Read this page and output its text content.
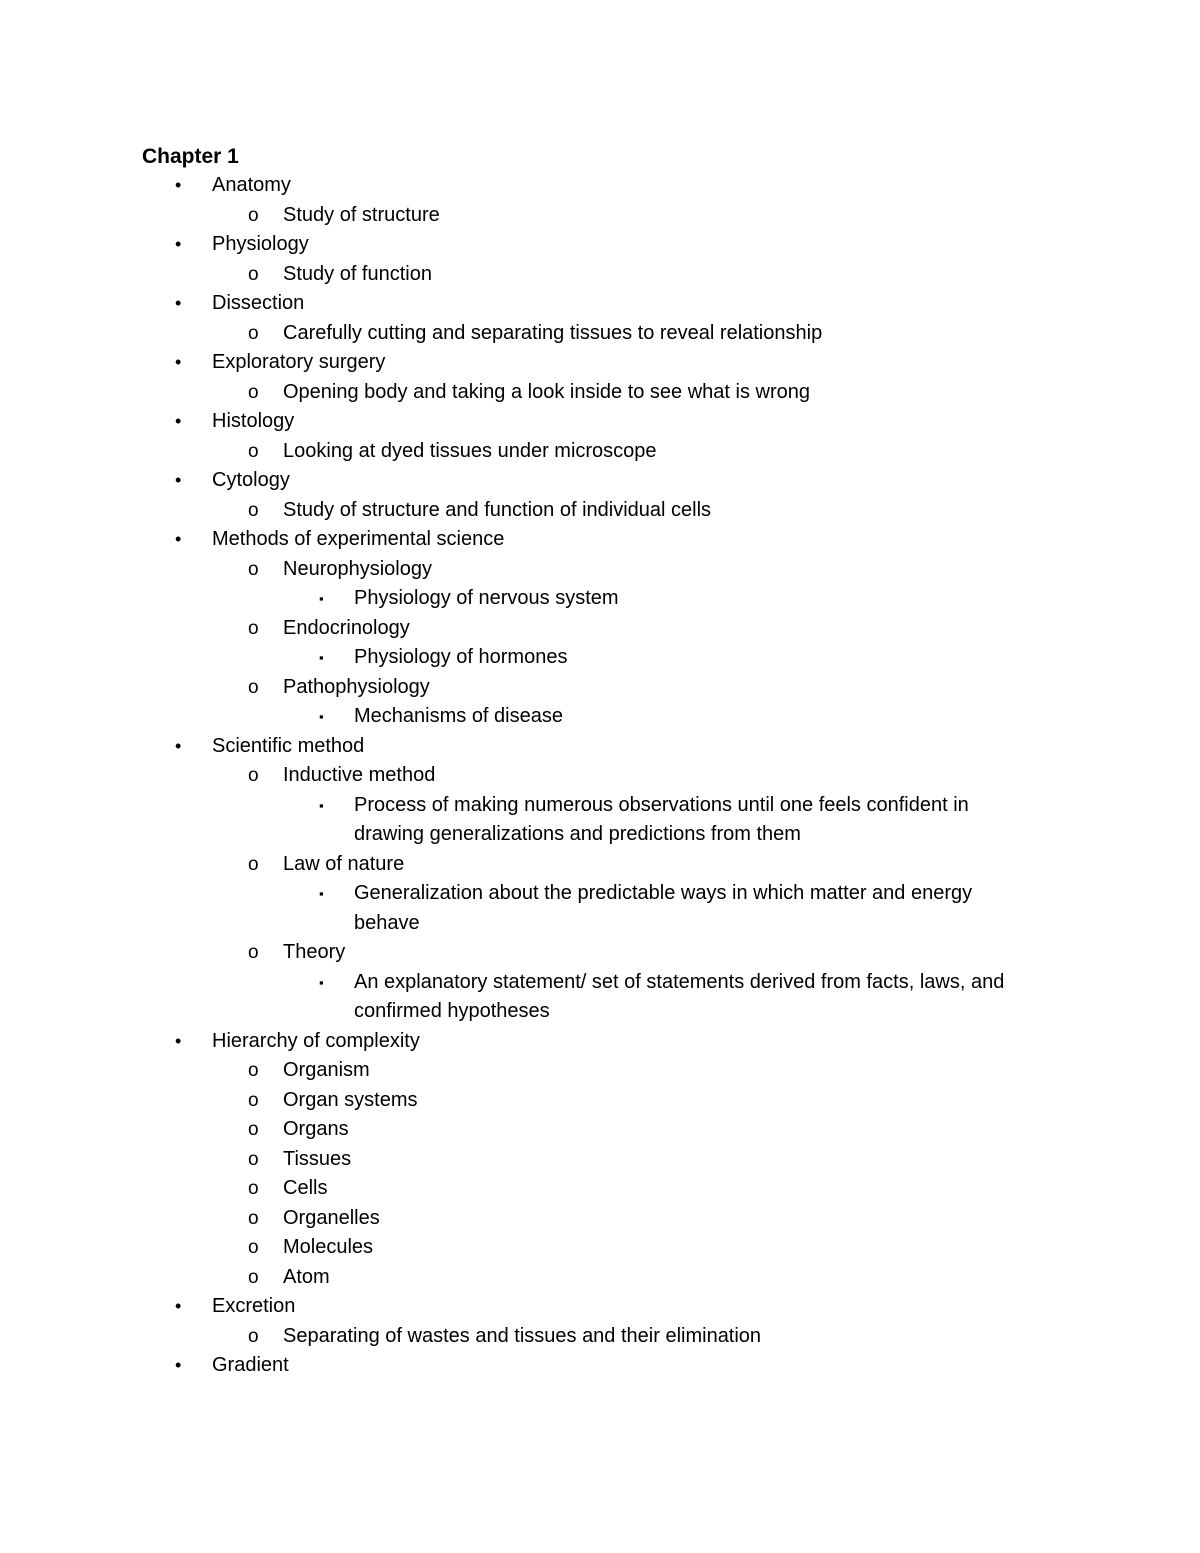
Chapter 1
• Anatomy
o Study of structure
• Physiology
o Study of function
• Dissection
o Carefully cutting and separating tissues to reveal relationship
• Exploratory surgery
o Opening body and taking a look inside to see what is wrong
• Histology
o Looking at dyed tissues under microscope
• Cytology
o Study of structure and function of individual cells
• Methods of experimental science
o Neurophysiology
▪ Physiology of nervous system
o Endocrinology
▪ Physiology of hormones
o Pathophysiology
▪ Mechanisms of disease
• Scientific method
o Inductive method
▪ Process of making numerous observations until one feels confident in drawing generalizations and predictions from them
o Law of nature
▪ Generalization about the predictable ways in which matter and energy behave
o Theory
▪ An explanatory statement/ set of statements derived from facts, laws, and confirmed hypotheses
• Hierarchy of complexity
o Organism
o Organ systems
o Organs
o Tissues
o Cells
o Organelles
o Molecules
o Atom
• Excretion
o Separating of wastes and tissues and their elimination
• Gradient
